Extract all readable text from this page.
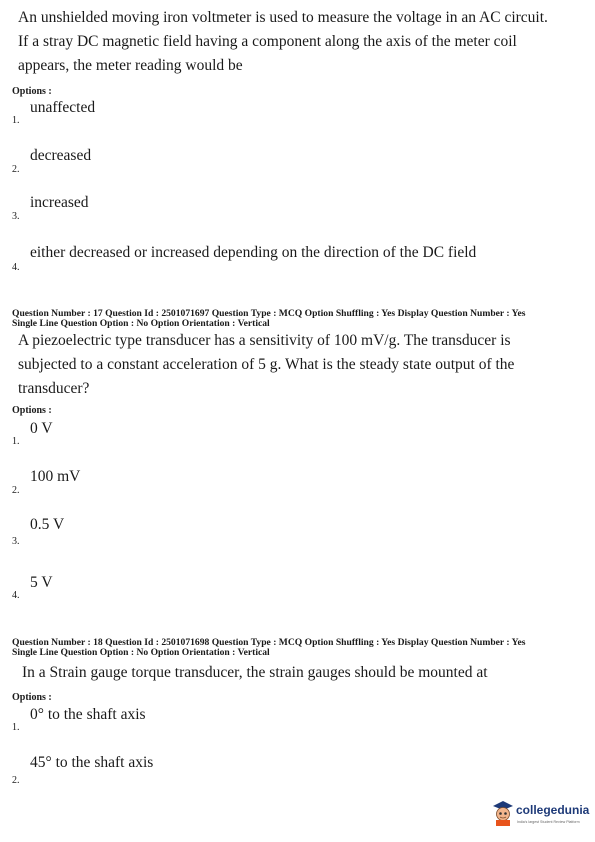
An unshielded moving iron voltmeter is used to measure the voltage in an AC circuit.
If a stray DC magnetic field having a component along the axis of the meter coil
appears, the meter reading would be
Options :
unaffected
1.
decreased
2.
increased
3.
either decreased or increased depending on the direction of the DC field
4.
Question Number : 17 Question Id : 2501071697 Question Type : MCQ Option Shuffling : Yes Display Question Number : Yes
Single Line Question Option : No Option Orientation : Vertical
A piezoelectric type transducer has a sensitivity of 100 mV/g. The transducer is
subjected to a constant acceleration of 5 g. What is the steady state output of the
transducer?
Options :
0 V
1.
100 mV
2.
0.5 V
3.
5 V
4.
Question Number : 18 Question Id : 2501071698 Question Type : MCQ Option Shuffling : Yes Display Question Number : Yes
Single Line Question Option : No Option Orientation : Vertical
In a Strain gauge torque transducer, the strain gauges should be mounted at
Options :
0° to the shaft axis
1.
45° to the shaft axis
2.
collegedunia
India's largest Student Review Platform
